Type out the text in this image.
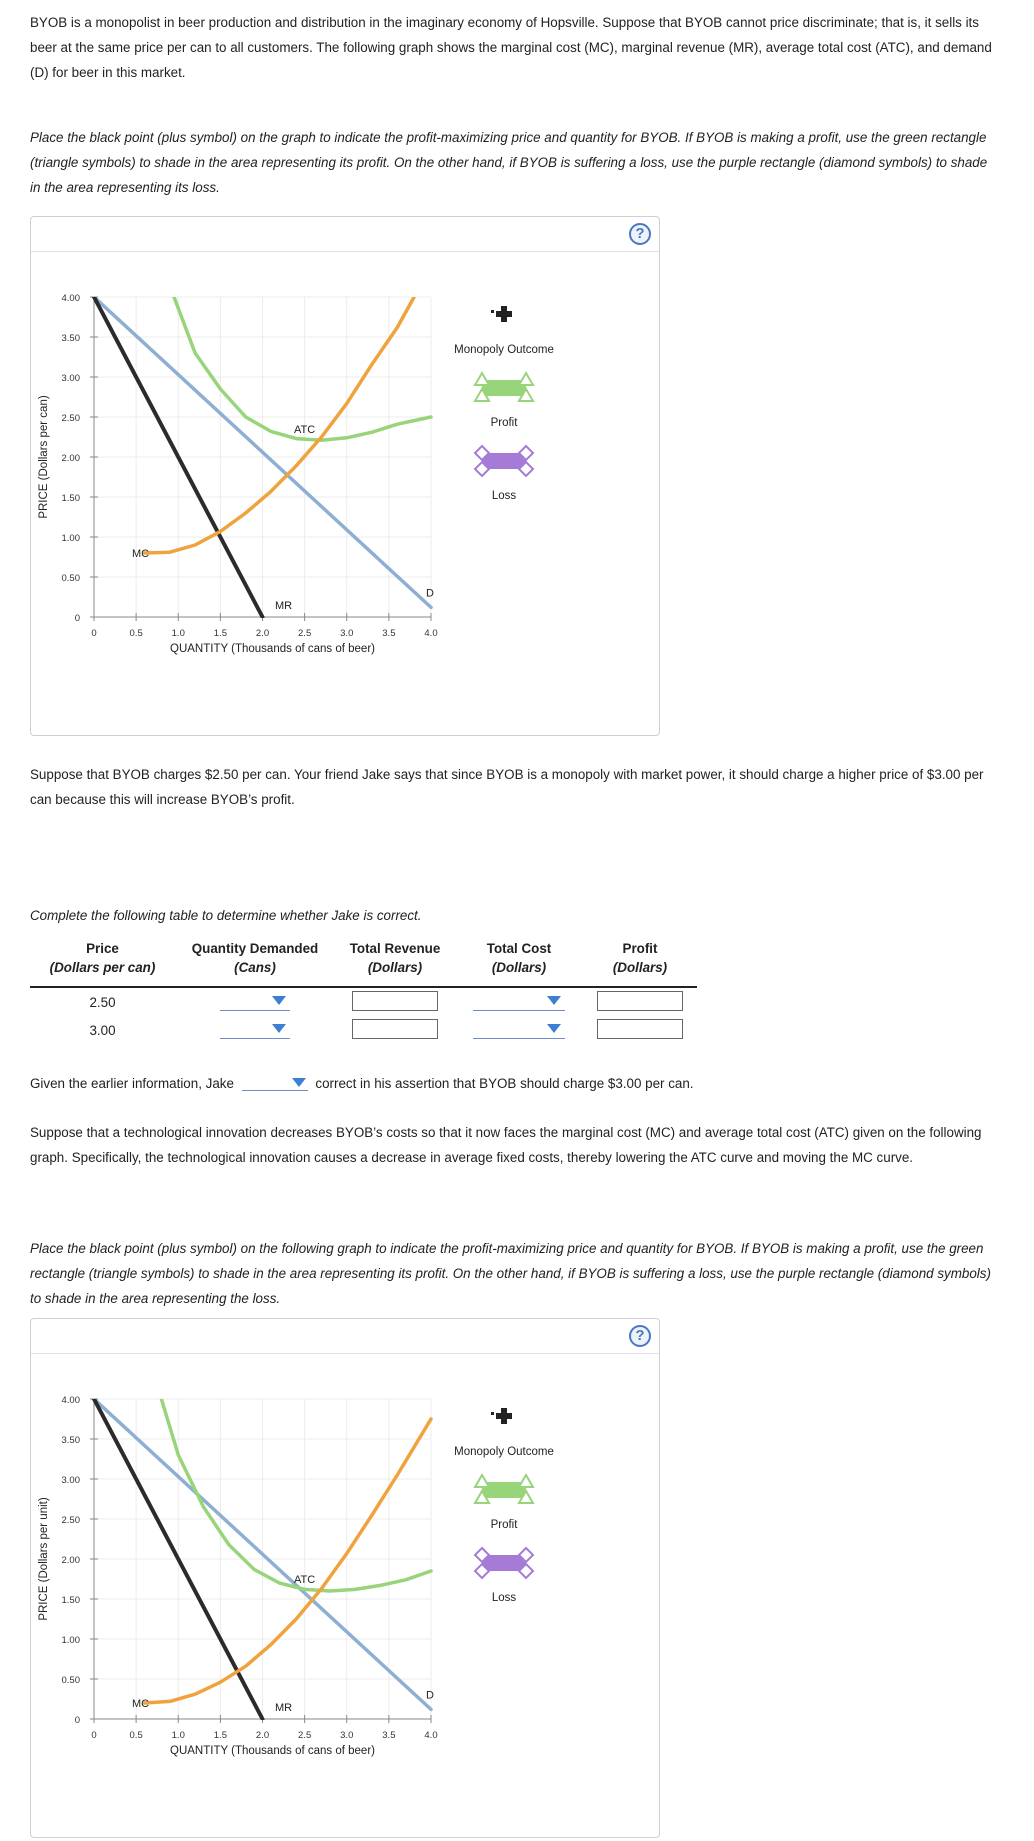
BYOB is a monopolist in beer production and distribution in the imaginary economy of Hopsville. Suppose that BYOB cannot price discriminate; that is, it sells its beer at the same price per can to all customers. The following graph shows the marginal cost (MC), marginal revenue (MR), average total cost (ATC), and demand (D) for beer in this market.
Place the black point (plus symbol) on the graph to indicate the profit-maximizing price and quantity for BYOB. If BYOB is making a profit, use the green rectangle (triangle symbols) to shade in the area representing its profit. On the other hand, if BYOB is suffering a loss, use the purple rectangle (diamond symbols) to shade in the area representing its loss.
?
0
0.50
1.00
1.50
2.00
2.50
3.00
3.50
4.00
0	0.5	1.0	1.5	2.0	2.5	3.0	3.5	4.0
QUANTITY (Thousands of cans of beer)
PRICE (Dollars per can)
D
MR
MC
ATC
Monopoly Outcome
Profit
Loss
Suppose that BYOB charges $2.50 per can. Your friend Jake says that since BYOB is a monopoly with market power, it should charge a higher price of $3.00 per can because this will increase BYOB’s profit.
Complete the following table to determine whether Jake is correct.
Price	Quantity Demanded	Total Revenue	Total Cost	Profit
(Dollars per can)	(Cans)	(Dollars)	(Dollars)	(Dollars)
2.50				
3.00				
Given the earlier information, Jake	correct in his assertion that BYOB should charge $3.00 per can.
Suppose that a technological innovation decreases BYOB’s costs so that it now faces the marginal cost (MC) and average total cost (ATC) given on the following graph. Specifically, the technological innovation causes a decrease in average fixed costs, thereby lowering the ATC curve and moving the MC curve.
Place the black point (plus symbol) on the following graph to indicate the profit-maximizing price and quantity for BYOB. If BYOB is making a profit, use the green rectangle (triangle symbols) to shade in the area representing its profit. On the other hand, if BYOB is suffering a loss, use the purple rectangle (diamond symbols) to shade in the area representing the loss.
?
0
0.50
1.00
1.50
2.00
2.50
3.00
3.50
4.00
0	0.5	1.0	1.5	2.0	2.5	3.0	3.5	4.0
QUANTITY (Thousands of cans of beer)
PRICE (Dollars per unit)
D
MR
MC
ATC
Monopoly Outcome
Profit
Loss
